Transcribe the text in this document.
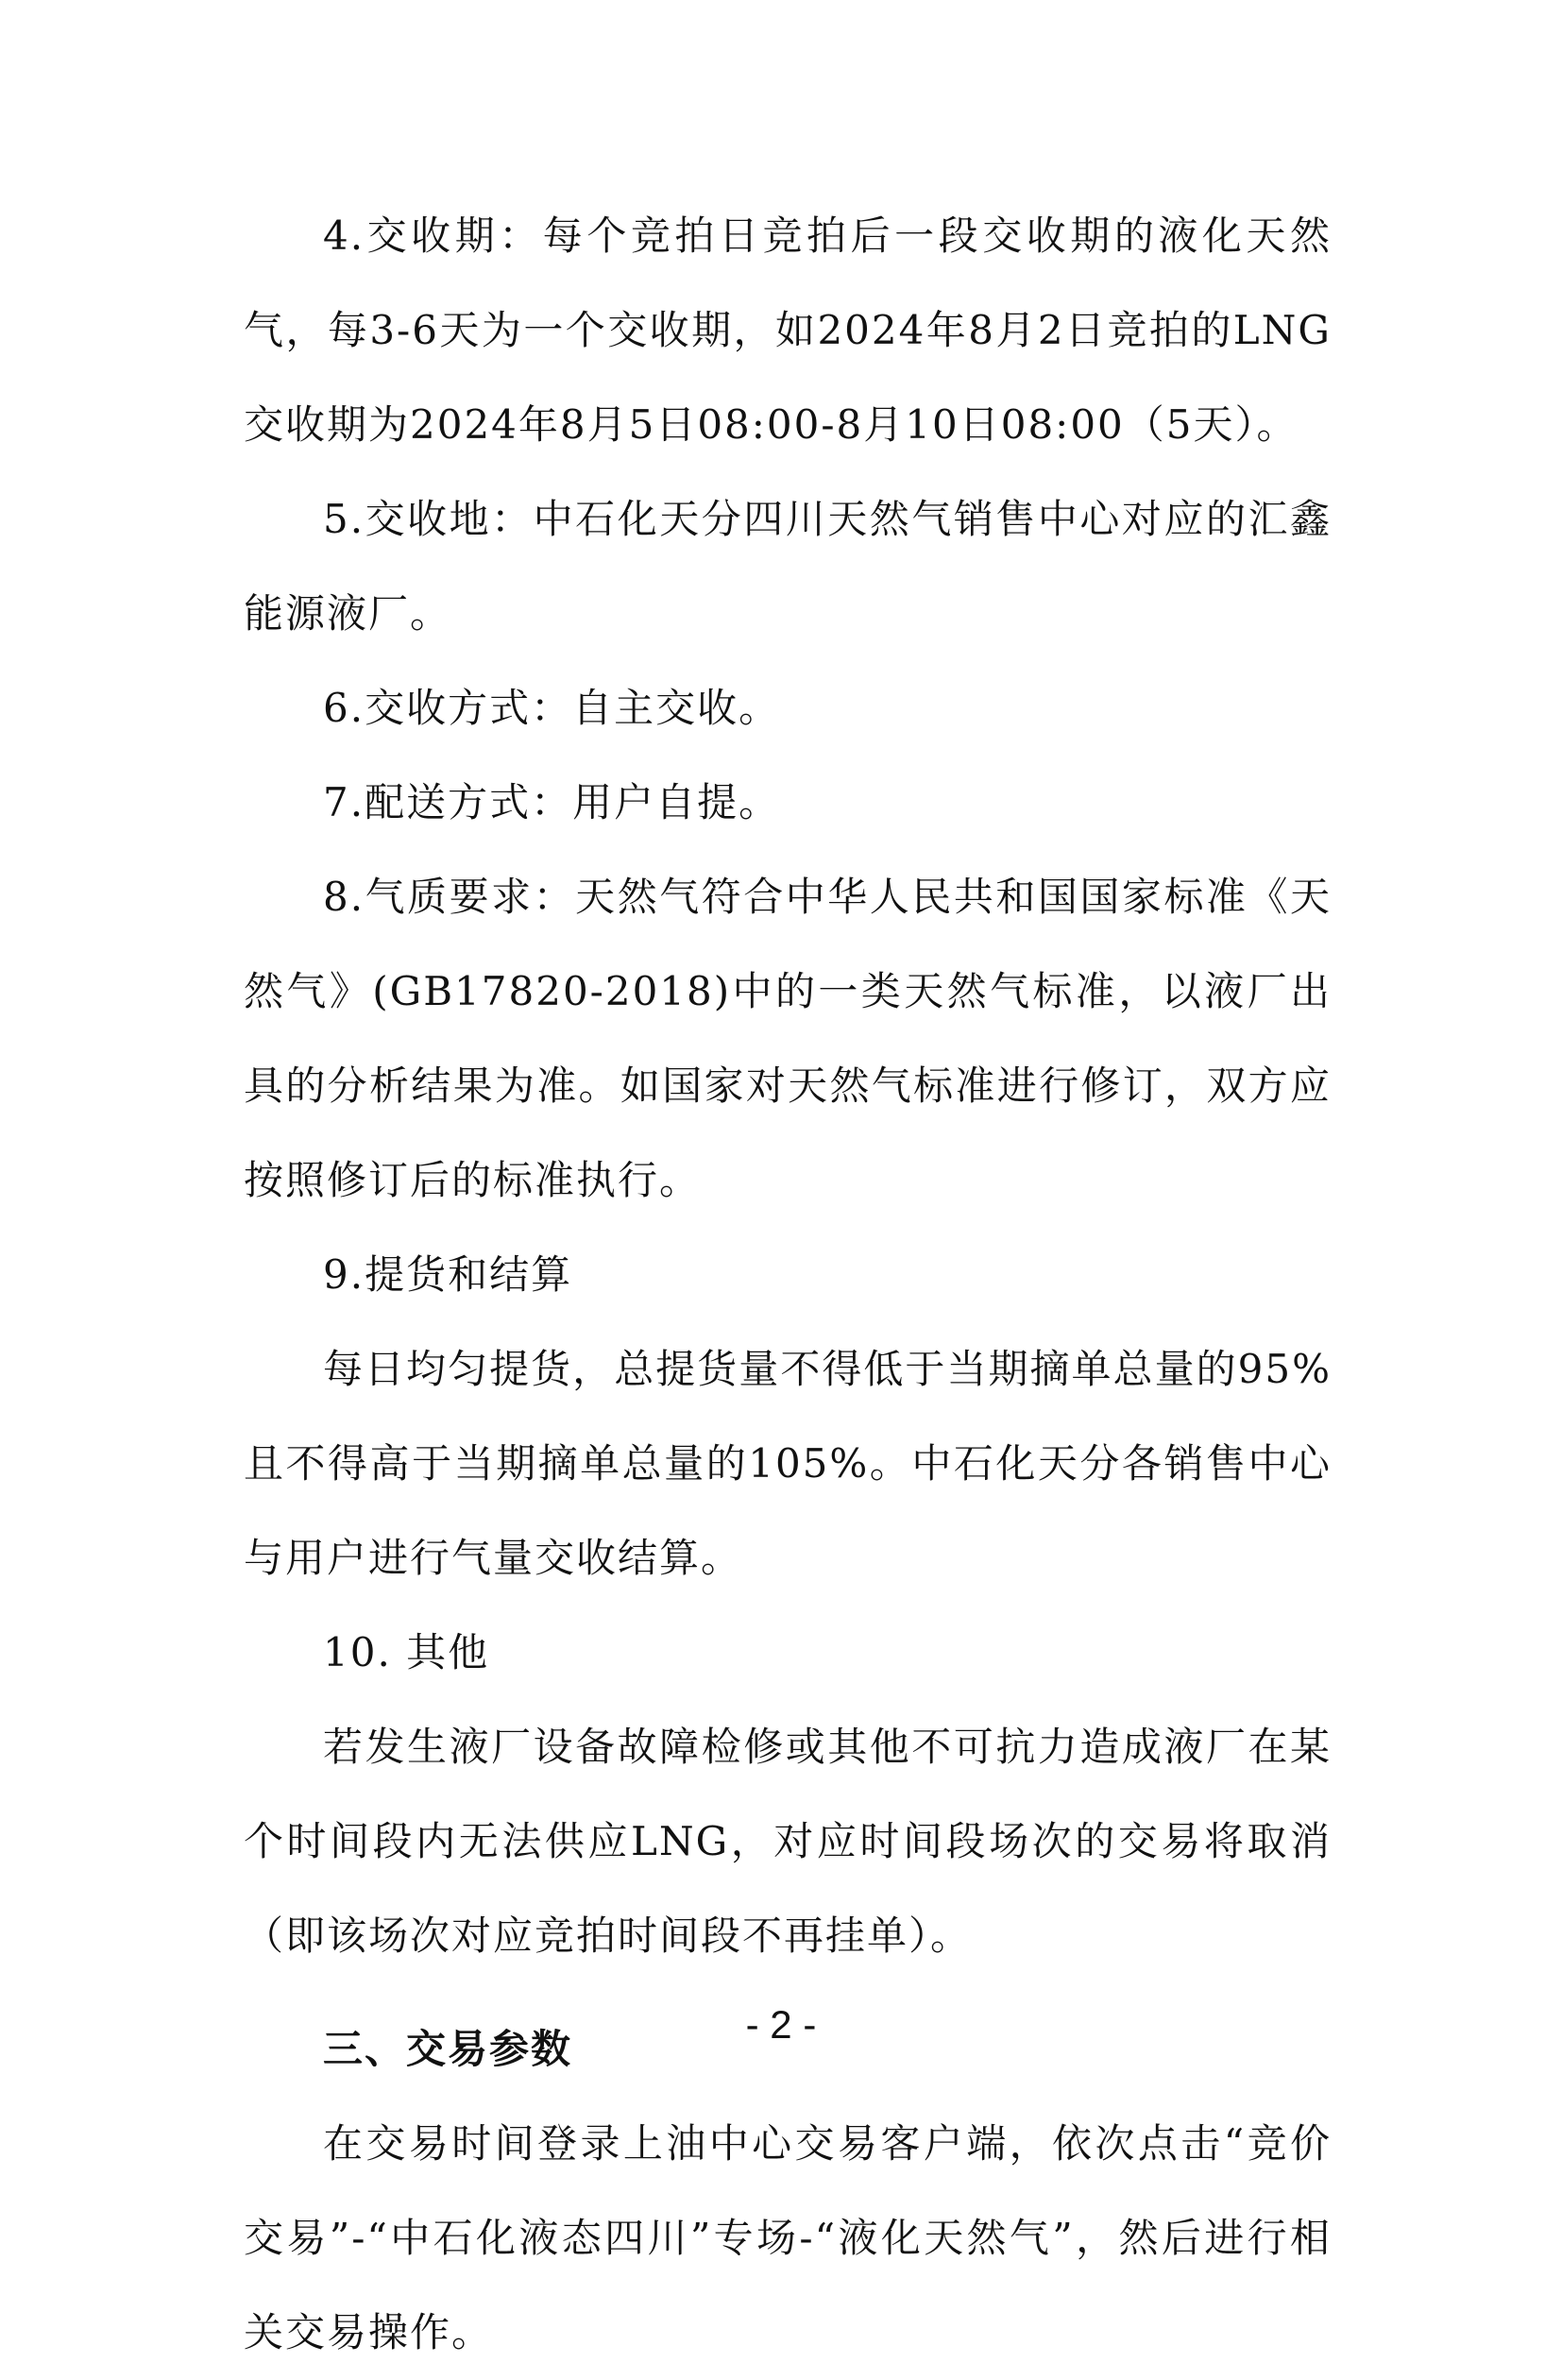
4.交收期：每个竞拍日竞拍后一段交收期的液化天然气，每3-6天为一个交收期，如2024年8月2日竞拍的LNG交收期为2024年8月5日08:00-8月10日08:00（5天）。

5.交收地：中石化天分四川天然气销售中心对应的汇鑫能源液厂。

6.交收方式：自主交收。

7.配送方式：用户自提。

8.气质要求：天然气符合中华人民共和国国家标准《天然气》(GB17820-2018)中的一类天然气标准，以液厂出具的分析结果为准。如国家对天然气标准进行修订，双方应按照修订后的标准执行。

9.提货和结算

每日均匀提货，总提货量不得低于当期摘单总量的95%且不得高于当期摘单总量的105%。中石化天分各销售中心与用户进行气量交收结算。

10. 其他

若发生液厂设备故障检修或其他不可抗力造成液厂在某个时间段内无法供应LNG，对应时间段场次的交易将取消（即该场次对应竞拍时间段不再挂单）。

三、交易参数

在交易时间登录上油中心交易客户端，依次点击“竞价交易”-“中石化液态四川”专场-“液化天然气”，然后进行相关交易操作。

- 2 -
